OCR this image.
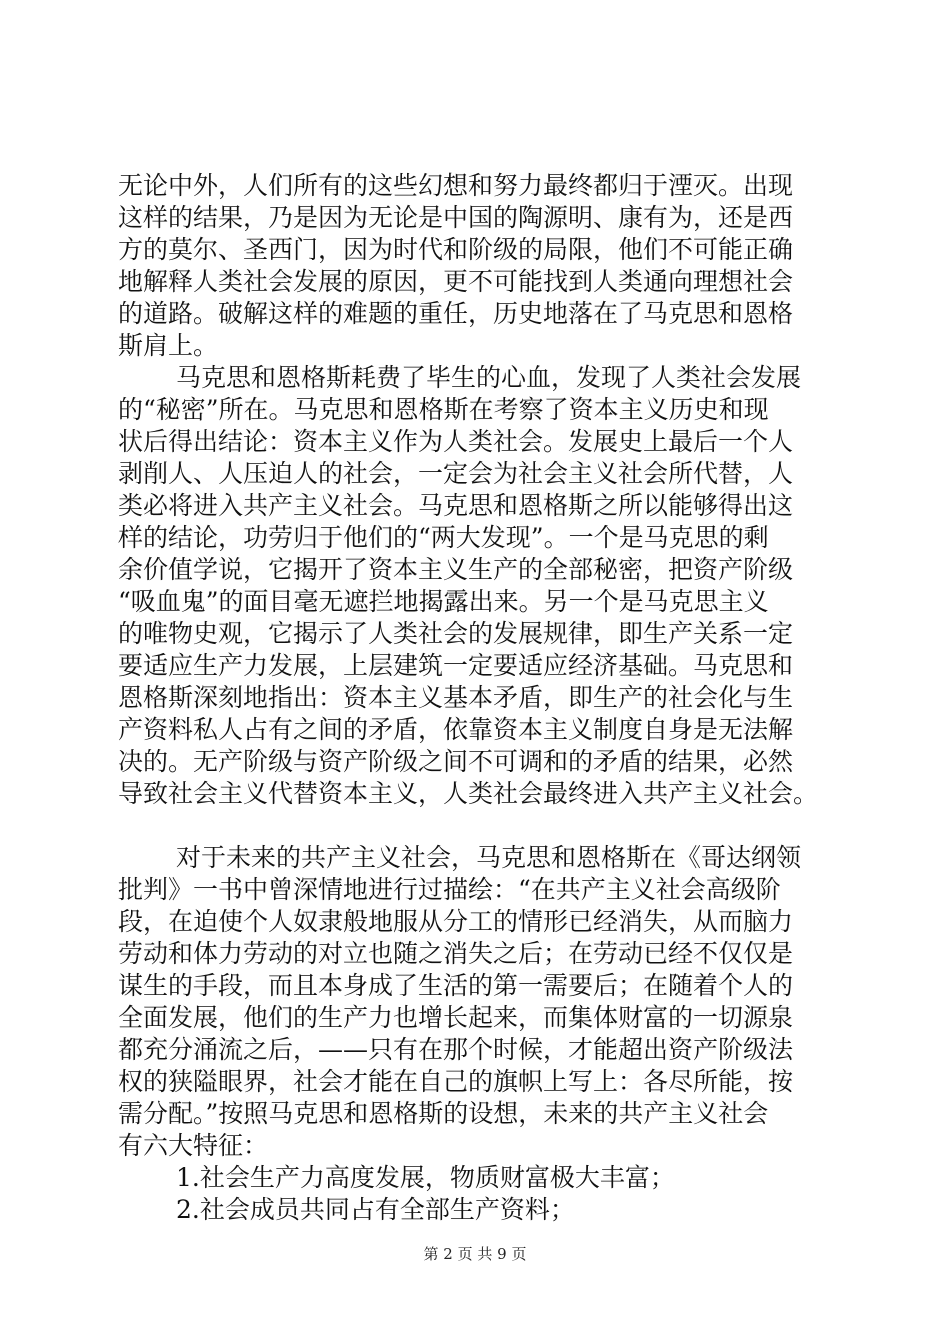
无论中外，人们所有的这些幻想和努力最终都归于湮灭。出现
这样的结果，乃是因为无论是中国的陶源明、康有为，还是西
方的莫尔、圣西门，因为时代和阶级的局限，他们不可能正确
地解释人类社会发展的原因，更不可能找到人类通向理想社会
的道路。破解这样的难题的重任，历史地落在了马克思和恩格
斯肩上。
马克思和恩格斯耗费了毕生的心血，发现了人类社会发展
的“秘密”所在。马克思和恩格斯在考察了资本主义历史和现
状后得出结论：资本主义作为人类社会。发展史上最后一个人
剥削人、人压迫人的社会，一定会为社会主义社会所代替，人
类必将进入共产主义社会。马克思和恩格斯之所以能够得出这
样的结论，功劳归于他们的“两大发现”。一个是马克思的剩
余价值学说，它揭开了资本主义生产的全部秘密，把资产阶级
“吸血鬼”的面目毫无遮拦地揭露出来。另一个是马克思主义
的唯物史观，它揭示了人类社会的发展规律，即生产关系一定
要适应生产力发展，上层建筑一定要适应经济基础。马克思和
恩格斯深刻地指出：资本主义基本矛盾，即生产的社会化与生
产资料私人占有之间的矛盾，依靠资本主义制度自身是无法解
决的。无产阶级与资产阶级之间不可调和的矛盾的结果，必然
导致社会主义代替资本主义，人类社会最终进入共产主义社会。
对于未来的共产主义社会，马克思和恩格斯在《哥达纲领
批判》一书中曾深情地进行过描绘：“在共产主义社会高级阶
段，在迫使个人奴隶般地服从分工的情形已经消失，从而脑力
劳动和体力劳动的对立也随之消失之后；在劳动已经不仅仅是
谋生的手段，而且本身成了生活的第一需要后；在随着个人的
全面发展，他们的生产力也增长起来，而集体财富的一切源泉
都充分涌流之后，——只有在那个时候，才能超出资产阶级法
权的狭隘眼界，社会才能在自己的旗帜上写上：各尽所能，按
需分配。”按照马克思和恩格斯的设想，未来的共产主义社会
有六大特征：
1.社会生产力高度发展，物质财富极大丰富；
2.社会成员共同占有全部生产资料；
第 2 页 共 9 页
